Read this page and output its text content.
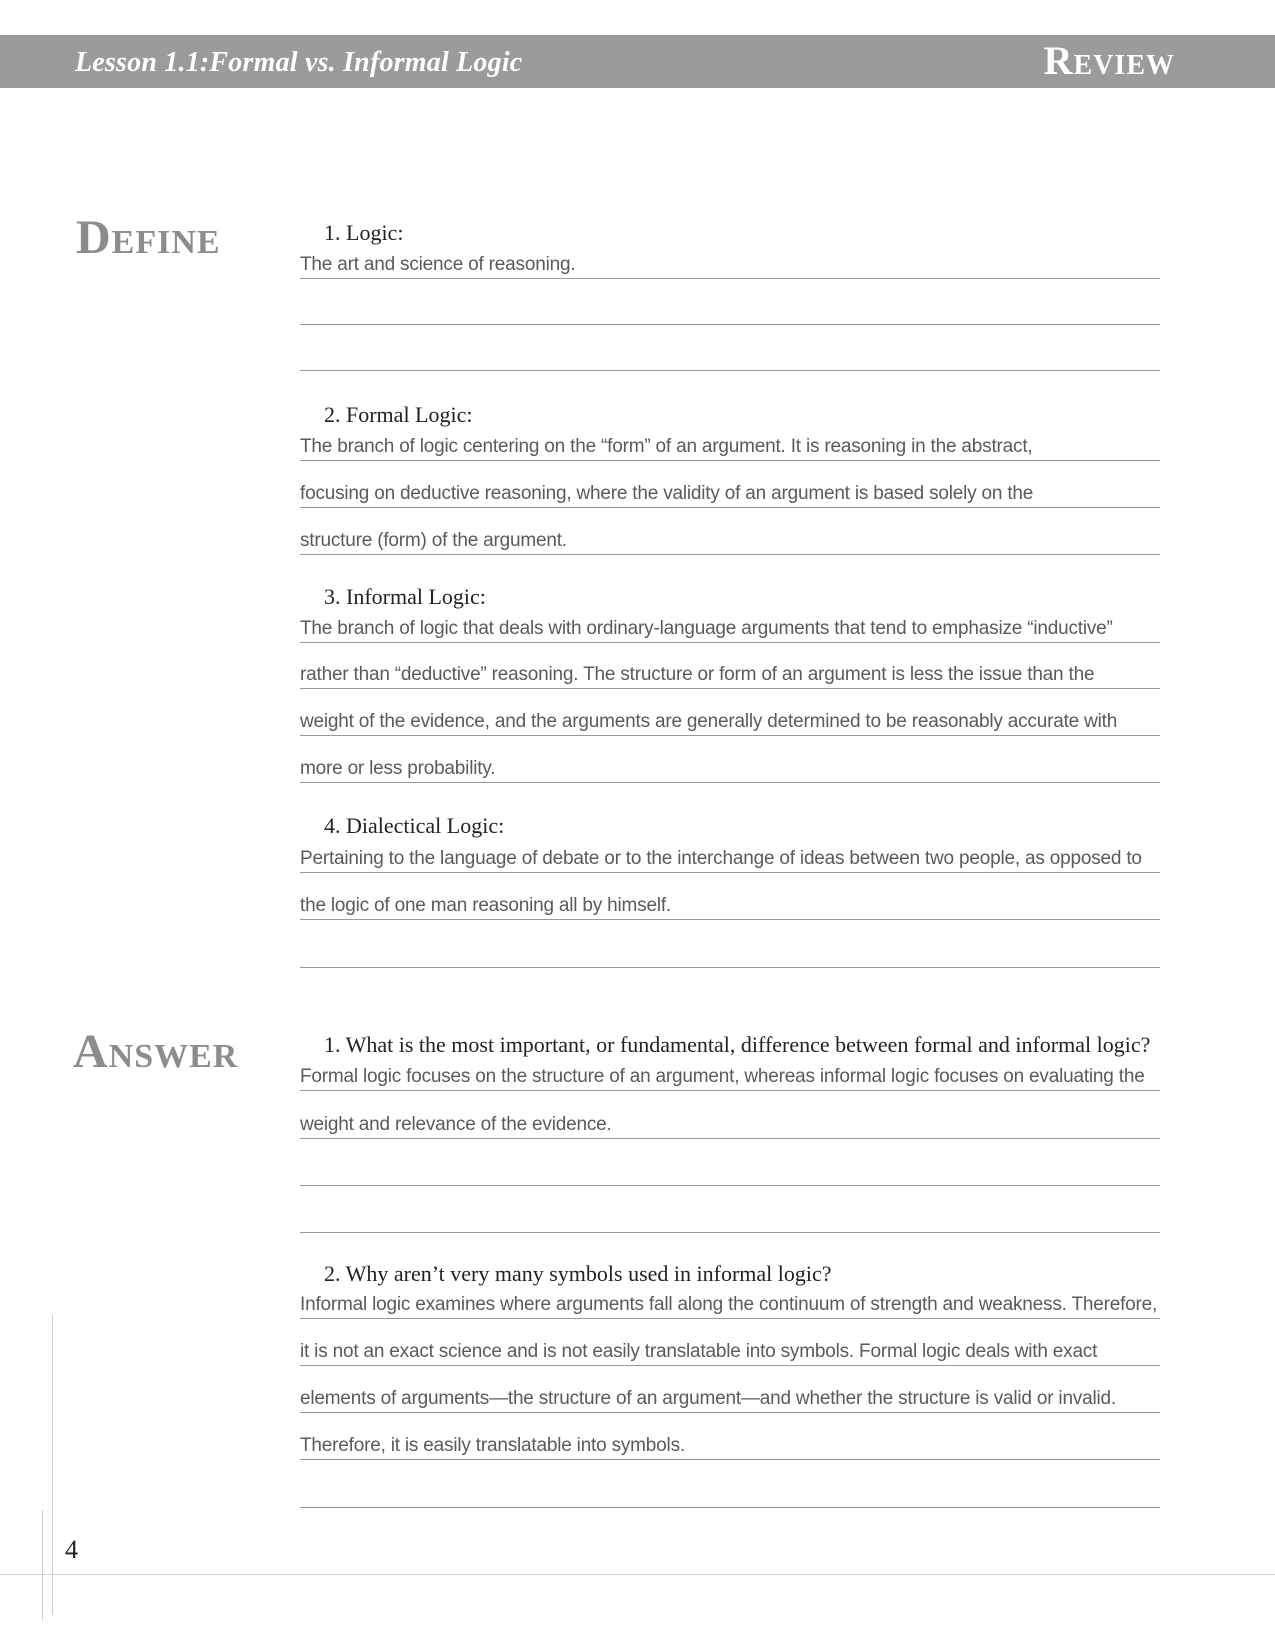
Lesson 1.1:Formal vs. Informal Logic	Review
Define	1. Logic:
The art and science of reasoning.
2. Formal Logic:
The branch of logic centering on the “form” of an argument. It is reasoning in the abstract,
focusing on deductive reasoning, where the validity of an argument is based solely on the
structure (form) of the argument.
3. Informal Logic:
The branch of logic that deals with ordinary-language arguments that tend to emphasize “inductive”
rather than “deductive” reasoning. The structure or form of an argument is less the issue than the
weight of the evidence, and the arguments are generally determined to be reasonably accurate with
more or less probability.
4. Dialectical Logic:
Pertaining to the language of debate or to the interchange of ideas between two people, as opposed to
the logic of one man reasoning all by himself.
Answer	1. What is the most important, or fundamental, difference between formal and informal logic?
Formal logic focuses on the structure of an argument, whereas informal logic focuses on evaluating the
weight and relevance of the evidence.
2. Why aren’t very many symbols used in informal logic?
Informal logic examines where arguments fall along the continuum of strength and weakness. Therefore,
it is not an exact science and is not easily translatable into symbols. Formal logic deals with exact
elements of arguments—the structure of an argument—and whether the structure is valid or invalid.
Therefore, it is easily translatable into symbols.
4
